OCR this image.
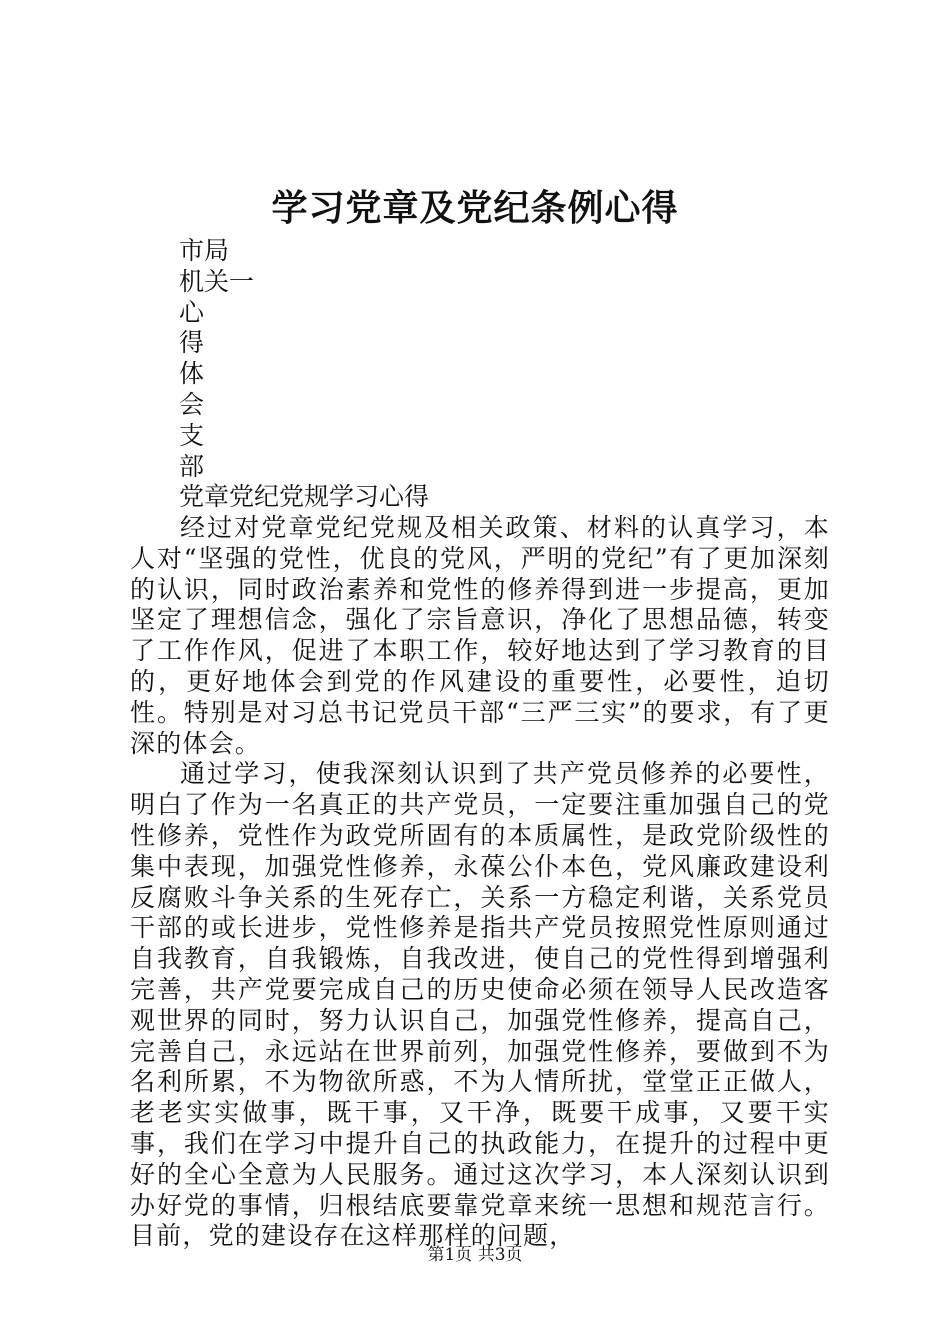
学习党章及党纪条例心得
市局
机关一
心
得
体
会
支
部
党章党纪党规学习心得

经过对党章党纪党规及相关政策、材料的认真学习，本人对“坚强的党性，优良的党风，严明的党纪”有了更加深刻的认识，同时政治素养和党性的修养得到进一步提高，更加坚定了理想信念，强化了宗旨意识，净化了思想品德，转变了工作作风，促进了本职工作，较好地达到了学习教育的目的，更好地体会到党的作风建设的重要性，必要性，迫切性。特别是对习总书记党员干部“三严三实”的要求，有了更深的体会。

通过学习，使我深刻认识到了共产党员修养的必要性，明白了作为一名真正的共产党员，一定要注重加强自己的党性修养，党性作为政党所固有的本质属性，是政党阶级性的集中表现，加强党性修养，永葆公仆本色，党风廉政建设利反腐败斗争关系的生死存亡，关系一方稳定利谐，关系党员干部的或长进步，党性修养是指共产党员按照党性原则通过自我教育，自我锻炼，自我改进，使自己的党性得到增强利完善，共产党要完成自己的历史使命必须在领导人民改造客观世界的同时，努力认识自己，加强党性修养，提高自己，完善自己，永远站在世界前列，加强党性修养，要做到不为名利所累，不为物欲所惑，不为人情所扰，堂堂正正做人，老老实实做事，既干事，又干净，既要干成事，又要干实事，我们在学习中提升自己的执政能力，在提升的过程中更好的全心全意为人民服务。通过这次学习，本人深刻认识到办好党的事情，归根结底要靠党章来统一思想和规范言行。目前，党的建设存在这样那样的问题，

第1页 共3页
